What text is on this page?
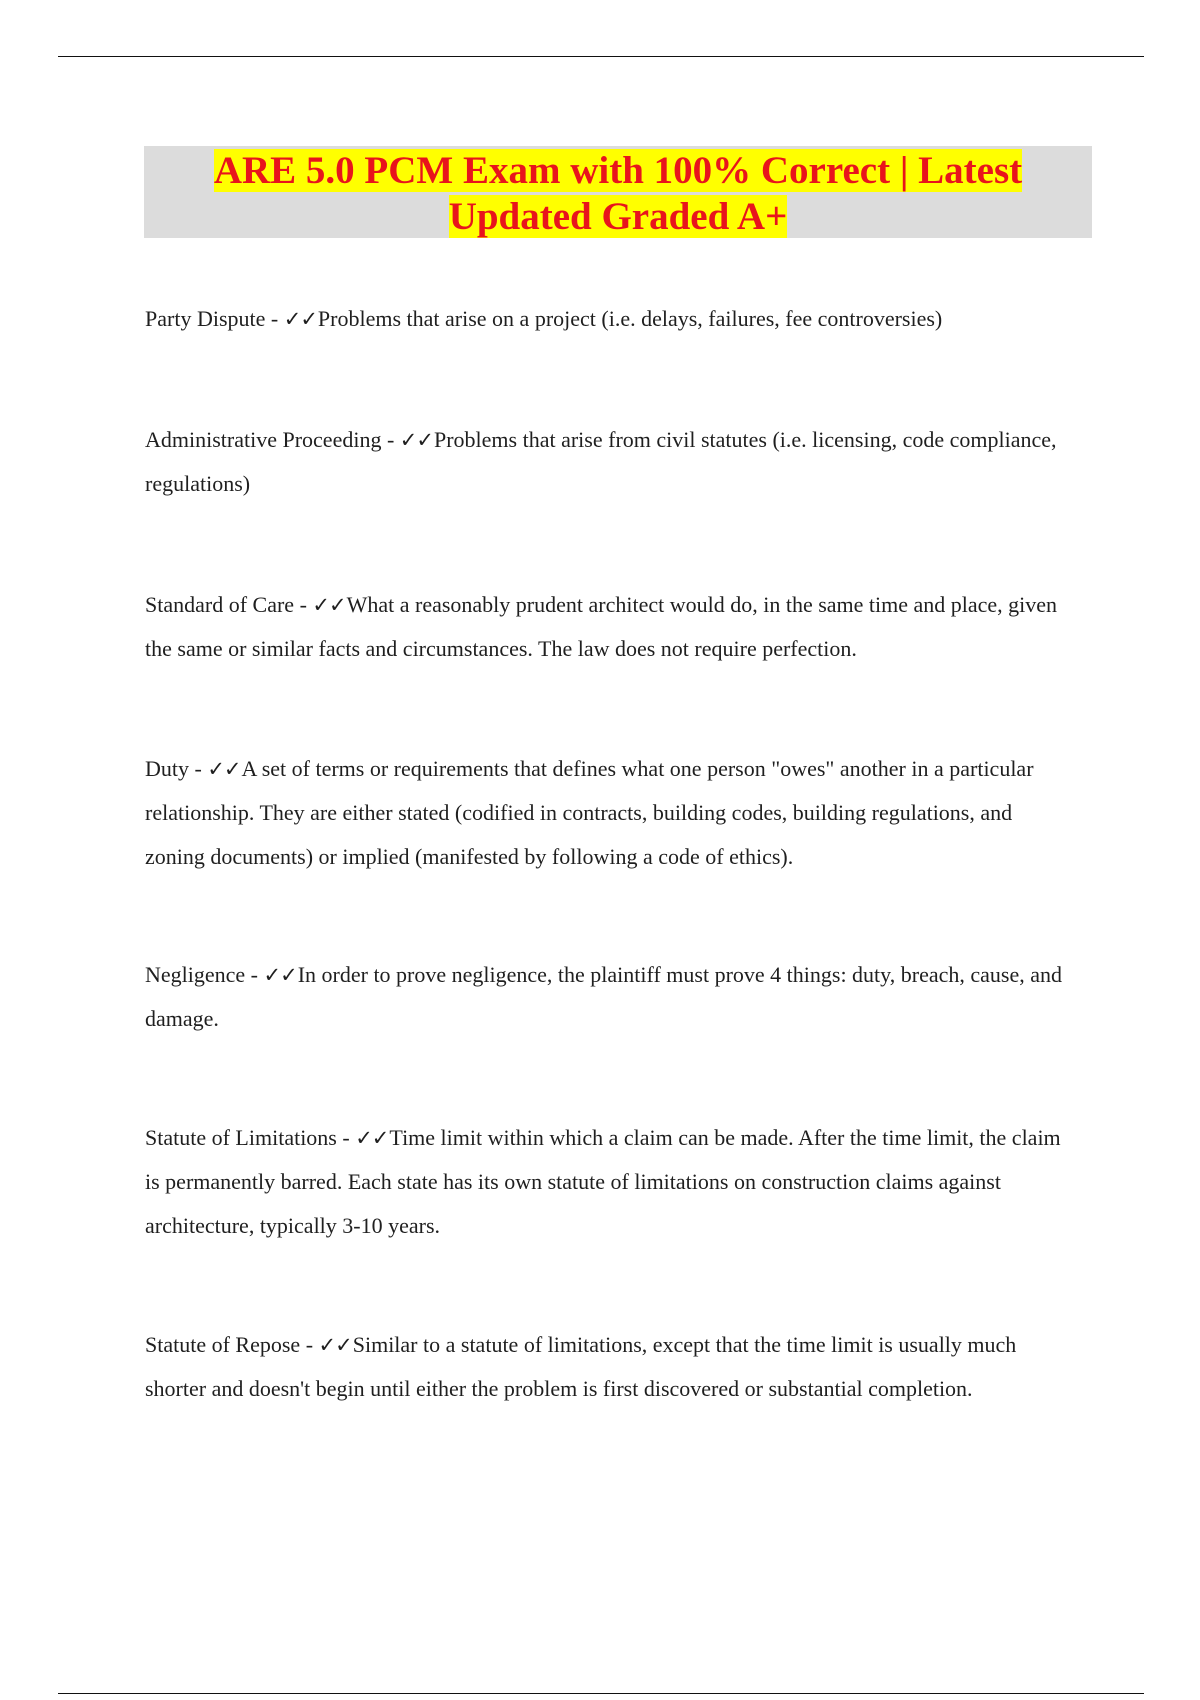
ARE 5.0 PCM Exam with 100% Correct | Latest
Updated Graded A+
Party Dispute - ✓✓Problems that arise on a project (i.e. delays, failures, fee controversies)
Administrative Proceeding - ✓✓Problems that arise from civil statutes (i.e. licensing, code compliance, regulations)
Standard of Care - ✓✓What a reasonably prudent architect would do, in the same time and place, given the same or similar facts and circumstances. The law does not require perfection.
Duty - ✓✓A set of terms or requirements that defines what one person "owes" another in a particular relationship. They are either stated (codified in contracts, building codes, building regulations, and zoning documents) or implied (manifested by following a code of ethics).
Negligence - ✓✓In order to prove negligence, the plaintiff must prove 4 things: duty, breach, cause, and damage.
Statute of Limitations - ✓✓Time limit within which a claim can be made. After the time limit, the claim is permanently barred. Each state has its own statute of limitations on construction claims against architecture, typically 3-10 years.
Statute of Repose - ✓✓Similar to a statute of limitations, except that the time limit is usually much shorter and doesn't begin until either the problem is first discovered or substantial completion.
